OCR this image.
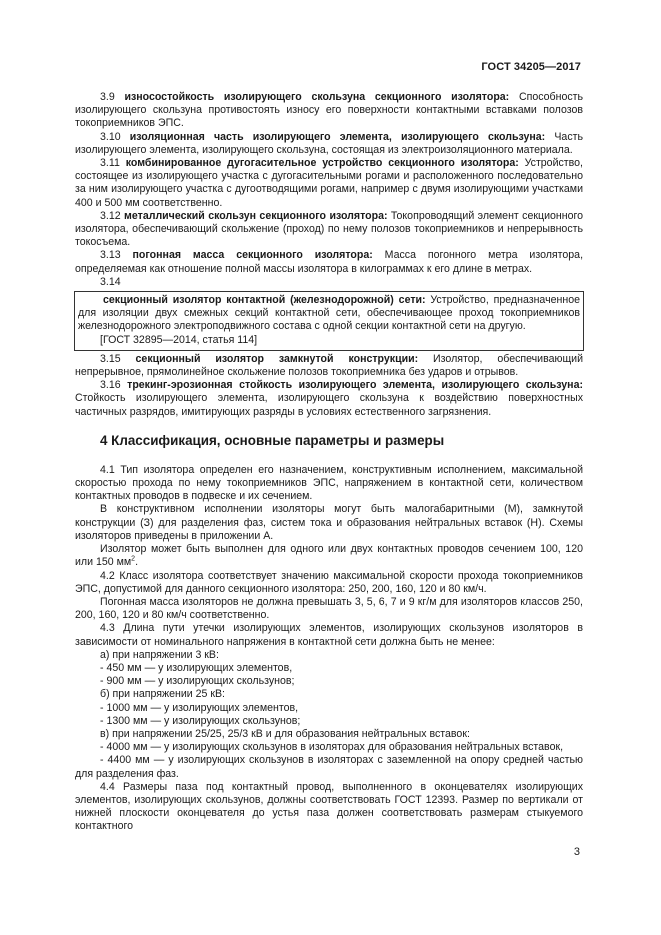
ГОСТ 34205—2017

3.9 износостойкость изолирующего скользуна секционного изолятора: Способность изолирующего скользуна противостоять износу его поверхности контактными вставками полозов токоприемников ЭПС.

3.10 изоляционная часть изолирующего элемента, изолирующего скользуна: Часть изолирующего элемента, изолирующего скользуна, состоящая из электроизоляционного материала.

3.11 комбинированное дугогасительное устройство секционного изолятора: Устройство, состоящее из изолирующего участка с дугогасительными рогами и расположенного последовательно за ним изолирующего участка с дугоотводящими рогами, например с двумя изолирующими участками 400 и 500 мм соответственно.

3.12 металлический скользун секционного изолятора: Токопроводящий элемент секционного изолятора, обеспечивающий скольжение (проход) по нему полозов токоприемников и непрерывность токосъема.

3.13 погонная масса секционного изолятора: Масса погонного метра изолятора, определяемая как отношение полной массы изолятора в килограммах к его длине в метрах.

3.14

секционный изолятор контактной (железнодорожной) сети: Устройство, предназначенное для изоляции двух смежных секций контактной сети, обеспечивающее проход токоприемников железнодорожного электроподвижного состава с одной секции контактной сети на другую.

[ГОСТ 32895—2014, статья 114]

3.15 секционный изолятор замкнутой конструкции: Изолятор, обеспечивающий непрерывное, прямолинейное скольжение полозов токоприемника без ударов и отрывов.

3.16 трекинг-эрозионная стойкость изолирующего элемента, изолирующего скользуна: Стойкость изолирующего элемента, изолирующего скользуна к воздействию поверхностных частичных разрядов, имитирующих разряды в условиях естественного загрязнения.

4 Классификация, основные параметры и размеры

4.1 Тип изолятора определен его назначением, конструктивным исполнением, максимальной скоростью прохода по нему токоприемников ЭПС, напряжением в контактной сети, количеством контактных проводов в подвеске и их сечением.

В конструктивном исполнении изоляторы могут быть малогабаритными (М), замкнутой конструкции (З) для разделения фаз, систем тока и образования нейтральных вставок (Н). Схемы изоляторов приведены в приложении А.

Изолятор может быть выполнен для одного или двух контактных проводов сечением 100, 120 или 150 $мм^2$.

4.2 Класс изолятора соответствует значению максимальной скорости прохода токоприемников ЭПС, допустимой для данного секционного изолятора: 250, 200, 160, 120 и 80 км/ч.

Погонная масса изоляторов не должна превышать 3, 5, 6, 7 и 9 кг/м для изоляторов классов 250, 200, 160, 120 и 80 км/ч соответственно.

4.3 Длина пути утечки изолирующих элементов, изолирующих скользунов изоляторов в зависимости от номинального напряжения в контактной сети должна быть не менее:

а) при напряжении 3 кВ:

- 450 мм — у изолирующих элементов,

- 900 мм — у изолирующих скользунов;

б) при напряжении 25 кВ:

- 1000 мм — у изолирующих элементов,

- 1300 мм — у изолирующих скользунов;

в) при напряжении 25/25, 25/3 кВ и для образования нейтральных вставок:

- 4000 мм — у изолирующих скользунов в изоляторах для образования нейтральных вставок,

- 4400 мм — у изолирующих скользунов в изоляторах с заземленной на опору средней частью для разделения фаз.

4.4 Размеры паза под контактный провод, выполненного в оконцевателях изолирующих элементов, изолирующих скользунов, должны соответствовать ГОСТ 12393. Размер по вертикали от нижней плоскости оконцевателя до устья паза должен соответствовать размерам стыкуемого контактного

3
